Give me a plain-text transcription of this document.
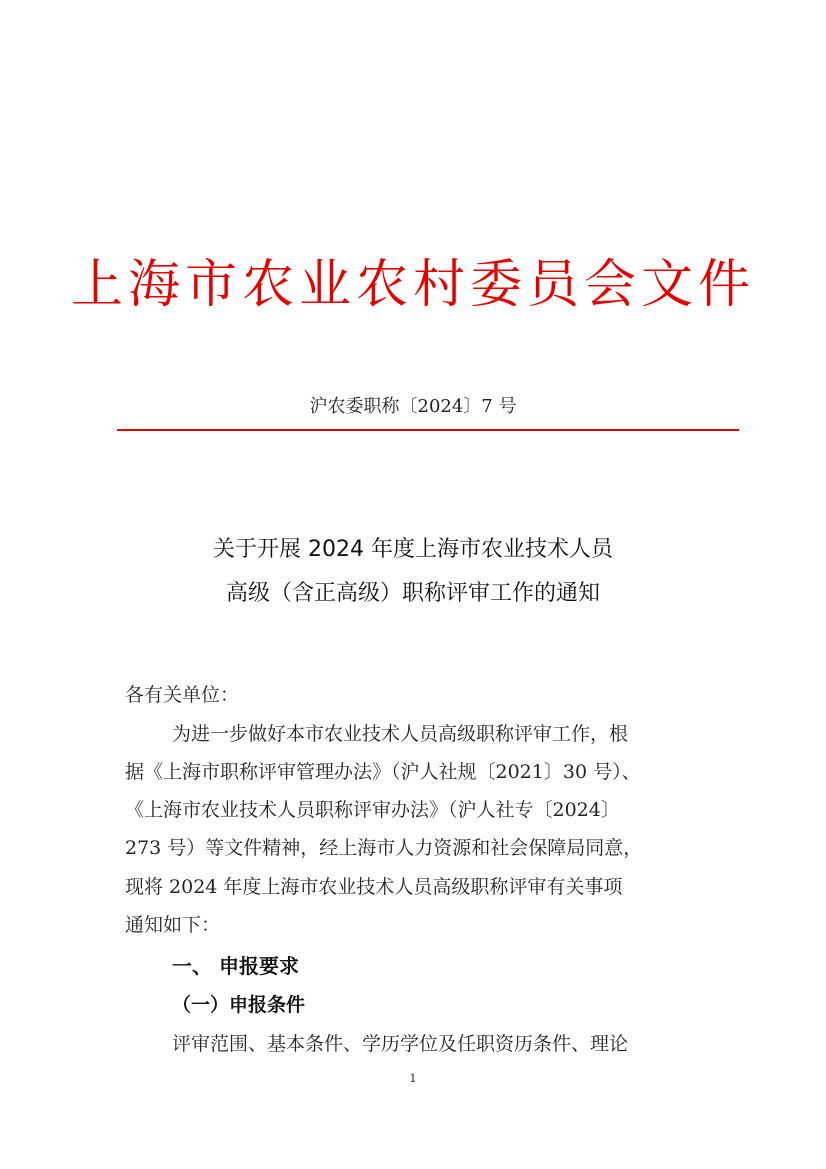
上海市农业农村委员会文件
沪农委职称〔2024〕7 号
关于开展 2024 年度上海市农业技术人员
高级（含正高级）职称评审工作的通知
各有关单位：
为进一步做好本市农业技术人员高级职称评审工作，根
据《上海市职称评审管理办法》（沪人社规〔2021〕30 号）、
《上海市农业技术人员职称评审办法》（沪人社专〔2024〕
273 号）等文件精神，经上海市人力资源和社会保障局同意，
现将 2024 年度上海市农业技术人员高级职称评审有关事项
通知如下：
一、 申报要求
（一）申报条件
评审范围、基本条件、学历学位及任职资历条件、理论
1
